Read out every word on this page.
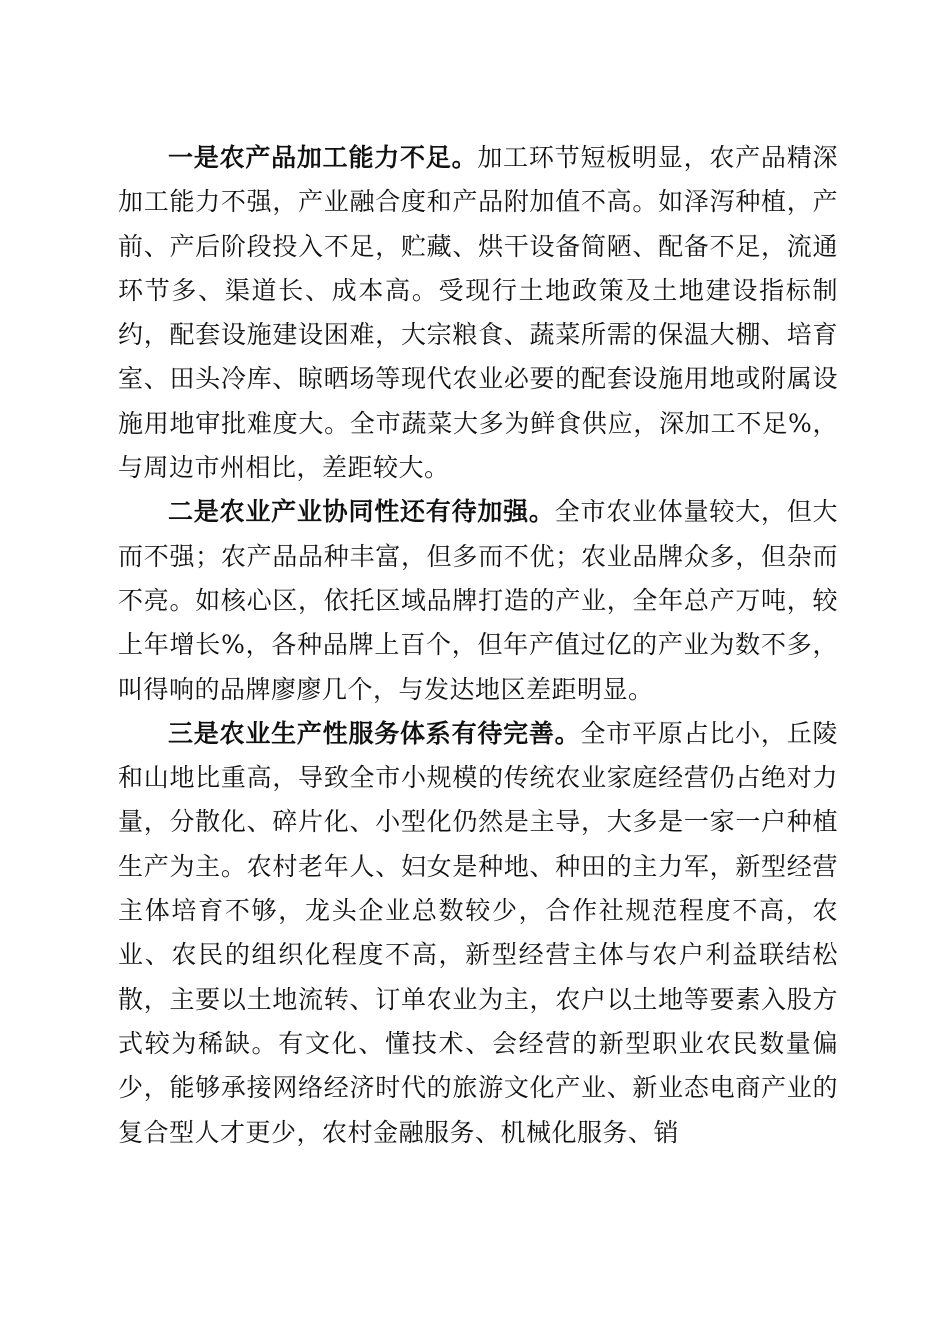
一是农产品加工能力不足。加工环节短板明显，农产品精深加工能力不强，产业融合度和产品附加值不高。如泽泻种植，产前、产后阶段投入不足，贮藏、烘干设备简陋、配备不足，流通环节多、渠道长、成本高。受现行土地政策及土地建设指标制约，配套设施建设困难，大宗粮食、蔬菜所需的保温大棚、培育室、田头冷库、晾晒场等现代农业必要的配套设施用地或附属设施用地审批难度大。全市蔬菜大多为鲜食供应，深加工不足%，与周边市州相比，差距较大。

二是农业产业协同性还有待加强。全市农业体量较大，但大而不强；农产品品种丰富，但多而不优；农业品牌众多，但杂而不亮。如核心区，依托区域品牌打造的产业，全年总产万吨，较上年增长%，各种品牌上百个，但年产值过亿的产业为数不多，叫得响的品牌廖廖几个，与发达地区差距明显。

三是农业生产性服务体系有待完善。全市平原占比小，丘陵和山地比重高，导致全市小规模的传统农业家庭经营仍占绝对力量，分散化、碎片化、小型化仍然是主导，大多是一家一户种植生产为主。农村老年人、妇女是种地、种田的主力军，新型经营主体培育不够，龙头企业总数较少，合作社规范程度不高，农业、农民的组织化程度不高，新型经营主体与农户利益联结松散，主要以土地流转、订单农业为主，农户以土地等要素入股方式较为稀缺。有文化、懂技术、会经营的新型职业农民数量偏少，能够承接网络经济时代的旅游文化产业、新业态电商产业的复合型人才更少，农村金融服务、机械化服务、销
